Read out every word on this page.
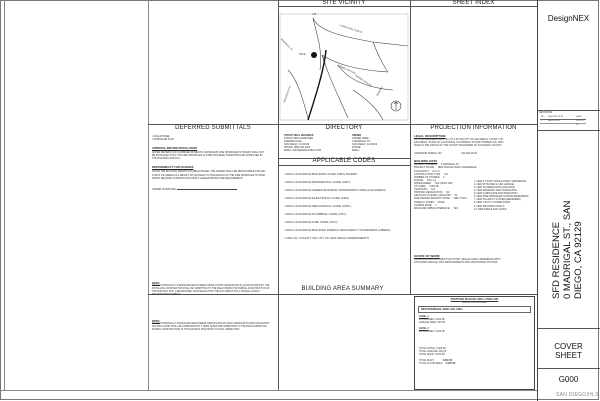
SITE VICINITY	SHEET INDEX
DEFERRED SUBMITTALS	DIRECTORY	PROJECTION INFORMATION
APPLICABLE CODES
BUILDING AREA SUMMARY
SITE
I-15
MADRIGAL ST
CAMINO DEL NORTE
PASEO
CARMEL MTN RD
PENASQUITOS
CARMEL MTN RD
RANCHO
• SOLAR PANEL
• SPRINKLER PLAN
APPROVAL BEFORE INSTALLATION
WATER METERS FOR COMBINED DOMESTIC WATER AND FIRE SPRINKLER SYSTEMS SHALL NOT BE INSTALLED UNTIL THE FIRE SPRINKLER SYSTEM HAS BEEN SUBMITTED AND APPROVED BY THE BUILDING OFFICIAL.
RESPONSIBILITY FOR CHANGES
AFTER THE BUILDING PERMIT HAS BEEN ISSUED, THE OWNER SHALL BE RESPONSIBLE FOR ANY COSTS INCURRED AS A RESULT OF CHANGES TO THE DESIGN OF THE FIRE SPRINKLER SYSTEM WHICH REQUIRE A MODIFICATION AND A LARGER METER SIZE REQUIREMENT.
OWNER SIGNATURE:
NOTE:
AN ELECTRONICALLY SIGNED AND REGISTERED INSTALLATION CERTIFICATE (S) (CF2R) POSTED BY THE INSTALLING CONTRACTOR SHALL BE SUBMITTED TO THE FIELD INSPECTOR DURING CONSTRUCTION AT THE BUILDING SITE. A REGISTERED CF2R MEANS THAT THE DOCUMENT HAS A UNIQUE 21-DIGIT REGISTRATION NUMBER.
NOTE:
AN ELECTRONICALLY SIGNED AND REGISTERED CERTIFICATE OF FIELD VERIFICATION AND DIAGNOSTIC TESTING (CF3R) SHALL BE COMPLETED BY A HERS RATER AND SUBMITTED TO THE FIELD INSPECTOR DURING CONSTRUCTION AT THE BUILDING SITE PRIOR TO FINAL INSPECTION.
STRUCTURAL ENGINEER
STRUCTURAL DESIGNER
ADDRESS LINE
SAN DIEGO, CA 92129
PHONE: (858) 000-0000
EMAIL: INFO@DESIGNNEX.COM
OWNER
OWNER NAME
0 MADRIGAL ST.
SAN DIEGO, CA 92129
PHONE:
EMAIL:
• 2022 CALIFORNIA BUILDING CODE (CBC) 2021IBC
• 2022 CALIFORNIA RESIDENTIAL CODE (CRC)
• 2022 CALIFORNIA GREEN BUILDING STANDARDS CODE (CALGREEN)
• 2022 CALIFORNIA ELECTRICAL CODE (CEC)
• 2022 CALIFORNIA MECHANICAL CODE (CMC)
• 2022 CALIFORNIA PLUMBING CODE (CPC)
• 2022 CALIFORNIA FIRE CODE (CFC)
• 2022 CALIFORNIA BUILDING ENERGY EFFICIENCY STANDARDS (CBEES)
• AND ALL COUNTY OR CITY OF SAN DIEGO AMENDMENTS
LEGAL DESCRIPTION
LOT 0 OF RESUBDIVISION OF LOT 0 IN THE CITY OF SAN DIEGO, COUNTY OF
SAN DIEGO, STATE OF CALIFORNIA, ACCORDING TO MAP THEREOF NO. 0000
FILED IN THE OFFICE OF THE COUNTY RECORDER OF SAN DIEGO COUNTY.
ASSESSOR PARCEL NO.:	000-000-00-00
BUILDING DATA
PROJECT ADDRESS: 0 MADRIGAL ST.
PROJECT SCOPE: NEW SINGLE FAMILY RESIDENCE
OCCUPANCY: R-3 / U
CONSTRUCTION TYPE: V-B
NUMBER OF STORIES: 2
ZONING: RS-1-14
SPRINKLERED: YES (NFPA 13D)
LOT AREA: 0,000 SF
YEAR BUILT: N/A
HISTORIC DESIGNATION: NO
GEOLOGIC HAZARD CATEGORY: 52
FIRE HAZARD SEVERITY ZONE: VERY HIGH
OVERLAY ZONES: NONE
CLIMATE ZONE: 7
WILDLAND URBAN INTERFACE: YES
1. NEW 2-STORY SINGLE FAMILY RESIDENCE
2. NEW ATTACHED 2-CAR GARAGE
3. NEW COVERED PATIO AND DECK
4. NEW DRIVEWAY AND HARDSCAPE
5. NEW LANDSCAPE AND IRRIGATION
6. NEW FIRE SPRINKLER SYSTEM (DEFERRED)
7. NEW SOLAR PV SYSTEM (DEFERRED)
8. NEW UTILITY CONNECTIONS
9. NEW RETAINING WALLS
10. NEW FENCE AND GATES
SCOPE OF WORK
CONSTRUCTION OF A NEW TWO-STORY SINGLE FAMILY RESIDENCE WITH
ATTACHED GARAGE, SITE IMPROVEMENTS AND ASSOCIATED UTILITIES.
PROPOSED BUILDING AREA / DWELLING
GROSS FLOOR AREA
NEW RESIDENCE: DWELLING AREA
LEVEL 1
LIVING AREA: 0,000 SF
GARAGE AREA: 000 SF
LEVEL 2
LIVING AREA: 0,000 SF
TOTAL LIVING: 0,000 SF
TOTAL GARAGE: 000 SF
TOTAL ROOF: 0,000 SF
TOTAL BUILT:	0,000 SF
TOTAL FLOOR AREA: 0,000 SF
DesignNEX
REVISIONS
NO. DESCRIPTION	DATE
1	REVISION 1	2023-11-25
SFD RESIDENCE 0 MADRIGAL ST., SAN DIEGO, CA 92129
COVER
SHEET
G000
SAN DIEGO|HLS
